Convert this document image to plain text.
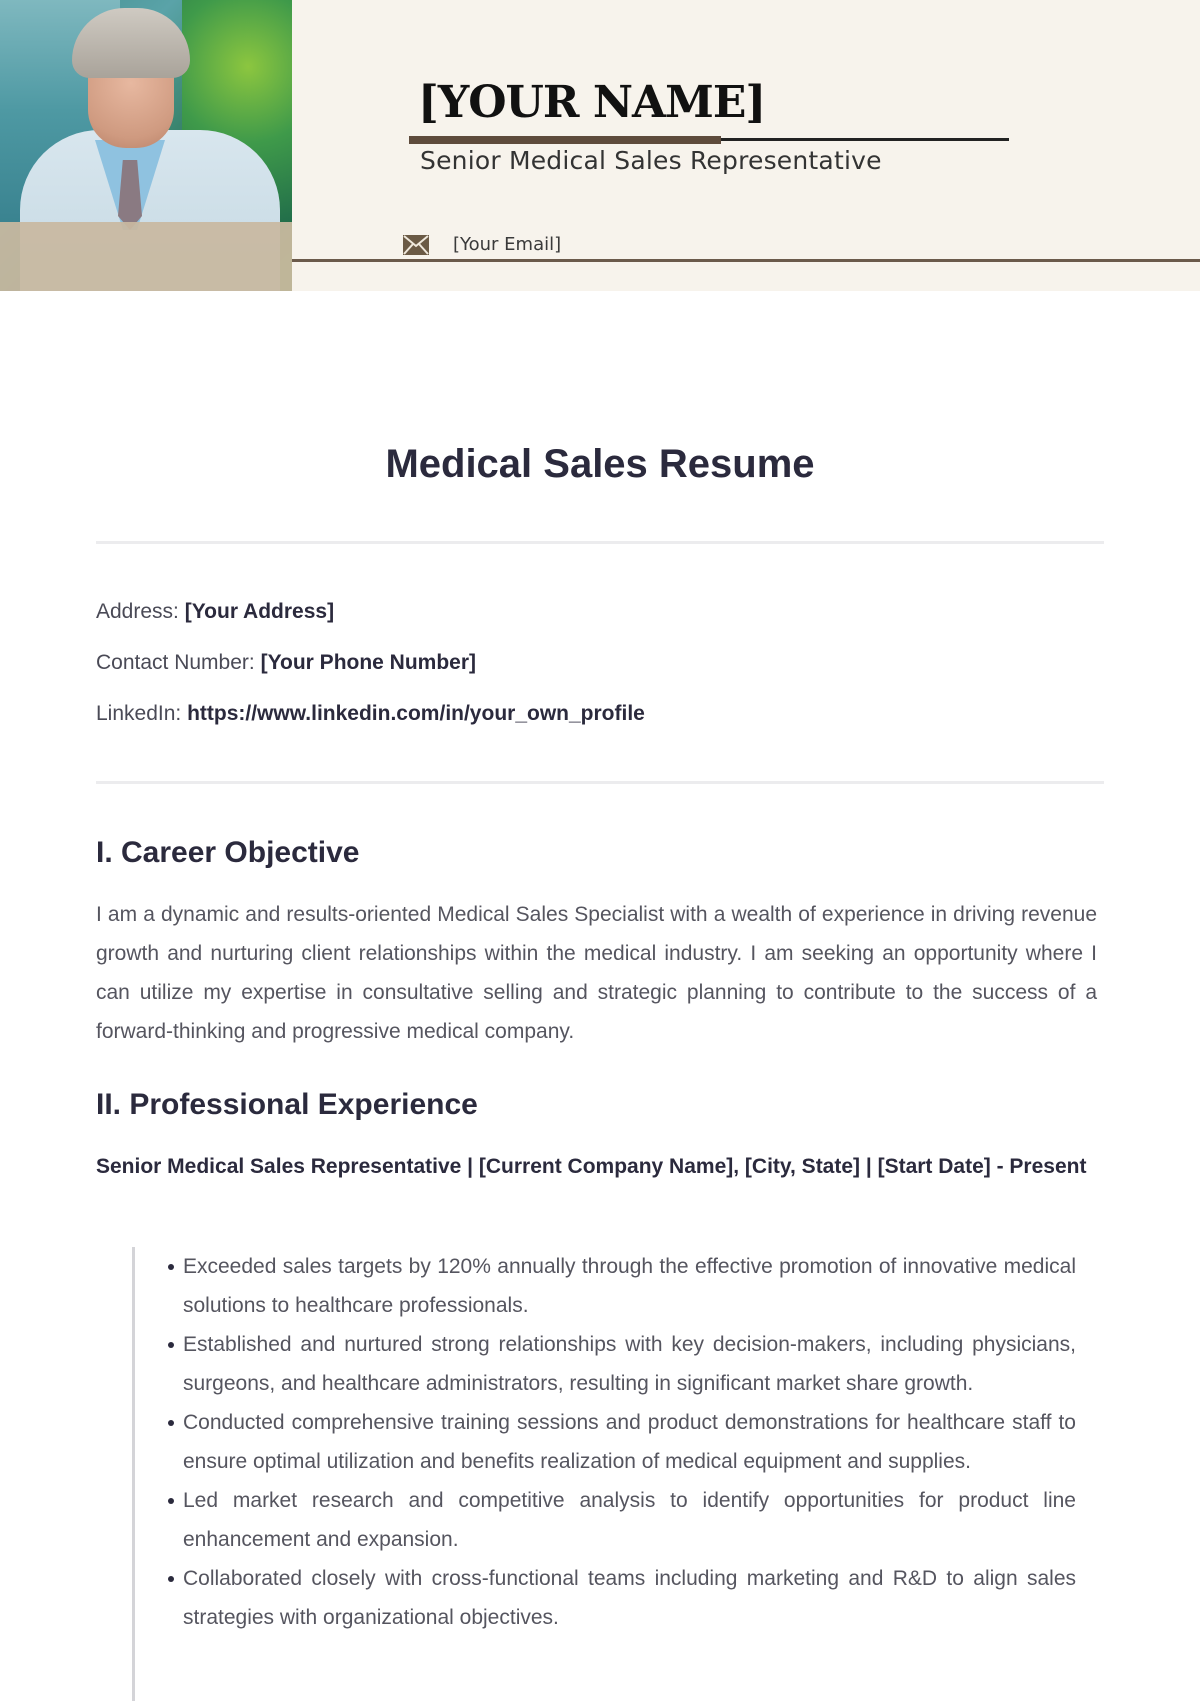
[YOUR NAME]
Senior Medical Sales Representative
[Your Email]
Medical Sales Resume
Address: [Your Address]
Contact Number: [Your Phone Number]
LinkedIn: https://www.linkedin.com/in/your_own_profile
I. Career Objective

I am a dynamic and results-oriented Medical Sales Specialist with a wealth of experience in driving revenue growth and nurturing client relationships within the medical industry. I am seeking an opportunity where I can utilize my expertise in consultative selling and strategic planning to contribute to the success of a forward-thinking and progressive medical company.

II. Professional Experience
Senior Medical Sales Representative | [Current Company Name], [City, State] | [Start Date] - Present
Exceeded sales targets by 120% annually through the effective promotion of innovative medical solutions to healthcare professionals.
Established and nurtured strong relationships with key decision-makers, including physicians, surgeons, and healthcare administrators, resulting in significant market share growth.
Conducted comprehensive training sessions and product demonstrations for healthcare staff to ensure optimal utilization and benefits realization of medical equipment and supplies.
Led market research and competitive analysis to identify opportunities for product line enhancement and expansion.
Collaborated closely with cross-functional teams including marketing and R&D to align sales strategies with organizational objectives.
